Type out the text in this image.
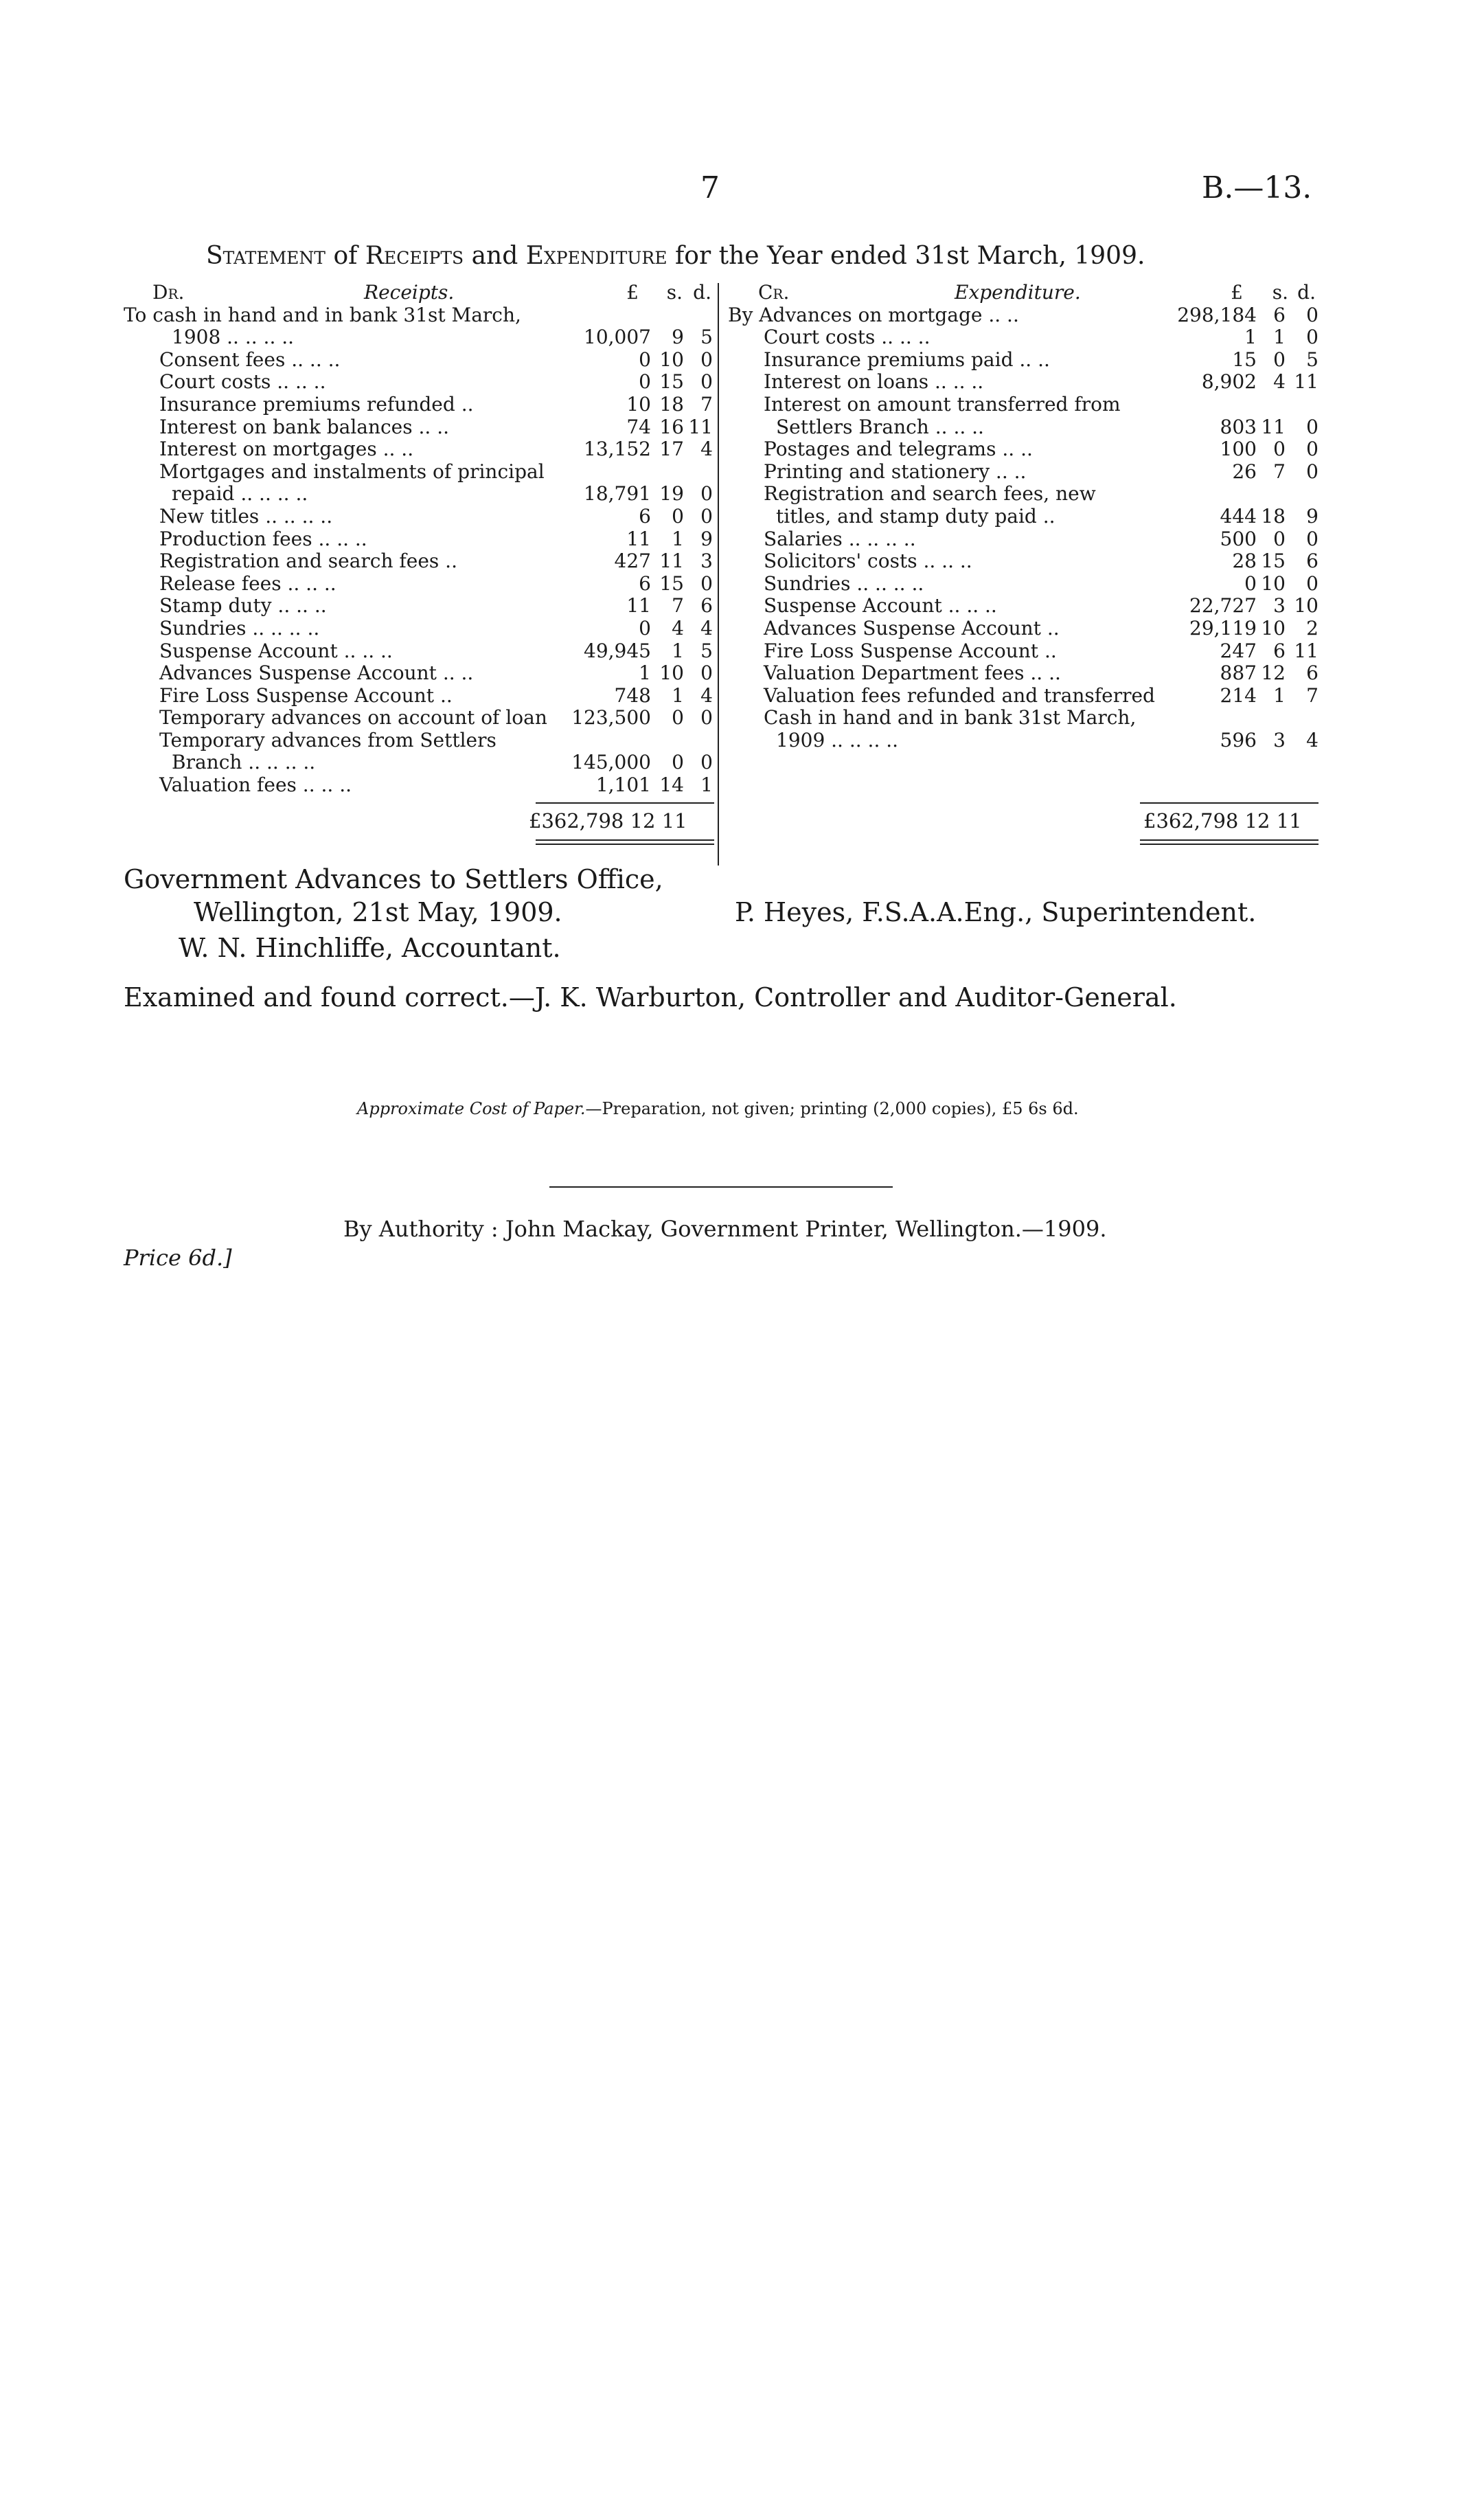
7	B.—13.
Statement of Receipts and Expenditure for the Year ended 31st March, 1909.
Dr.	Receipts.	£ s. d.
To cash in hand and in bank 31st March,
1908 .. .. .. ..	10,007	9 5
Consent fees .. .. ..	0 10 0
Court costs .. .. ..	0 15 0
Insurance premiums refunded ..	10 18 7
Interest on bank balances .. ..	74 16 11
Interest on mortgages .. ..	13,152 17 4
Mortgages and instalments of principal
repaid .. .. .. ..	18,791 19 0
New titles .. .. .. ..	6	0 0
Production fees .. .. ..	11	1 9
Registration and search fees ..	427 11 3
Release fees .. .. ..	6 15 0
Stamp duty .. .. ..	11	7 6
Sundries .. .. .. ..	0	4 4
Suspense Account .. .. ..	49,945	1 5
Advances Suspense Account .. ..	1 10 0
Fire Loss Suspense Account ..	748	1 4
Temporary advances on account of loan 123,500	0 0
Temporary advances from Settlers
Branch .. .. .. ..	145,000	0 0
Valuation fees .. .. ..	1,101 14 1
Cr.	Expenditure.	£ s. d.
By Advances on mortgage .. ..	298,184 6	0
Court costs .. .. ..	1 1	0
Insurance premiums paid .. ..	15 0	5
Interest on loans .. .. ..	8,902 4 11
Interest on amount transferred from
Settlers Branch .. .. ..	803 11	0
Postages and telegrams .. ..	100 0	0
Printing and stationery .. ..	26 7	0
Registration and search fees, new
titles, and stamp duty paid ..	444 18	9
Salaries .. .. .. ..	500 0	0
Solicitors' costs .. .. ..	28 15	6
Sundries .. .. .. ..	0 10	0
Suspense Account .. .. ..	22,727 3 10
Advances Suspense Account ..	29,119 10	2
Fire Loss Suspense Account ..	247 6 11
Valuation Department fees .. ..	887 12	6
Valuation fees refunded and transferred	214 1	7
Cash in hand and in bank 31st March,
1909 .. .. .. ..	596 3	4
£362,798 12 11	£362,798 12 11
Government Advances to Settlers Office,
Wellington, 21st May, 1909.	P. Heyes, F.S.A.A.Eng., Superintendent.
W. N. Hinchliffe, Accountant.
Examined and found correct.—J. K. Warburton, Controller and Auditor-General.
Approximate Cost of Paper.—Preparation, not given; printing (2,000 copies), £5 6s 6d.
By Authority : John Mackay, Government Printer, Wellington.—1909.
Price 6d.]
